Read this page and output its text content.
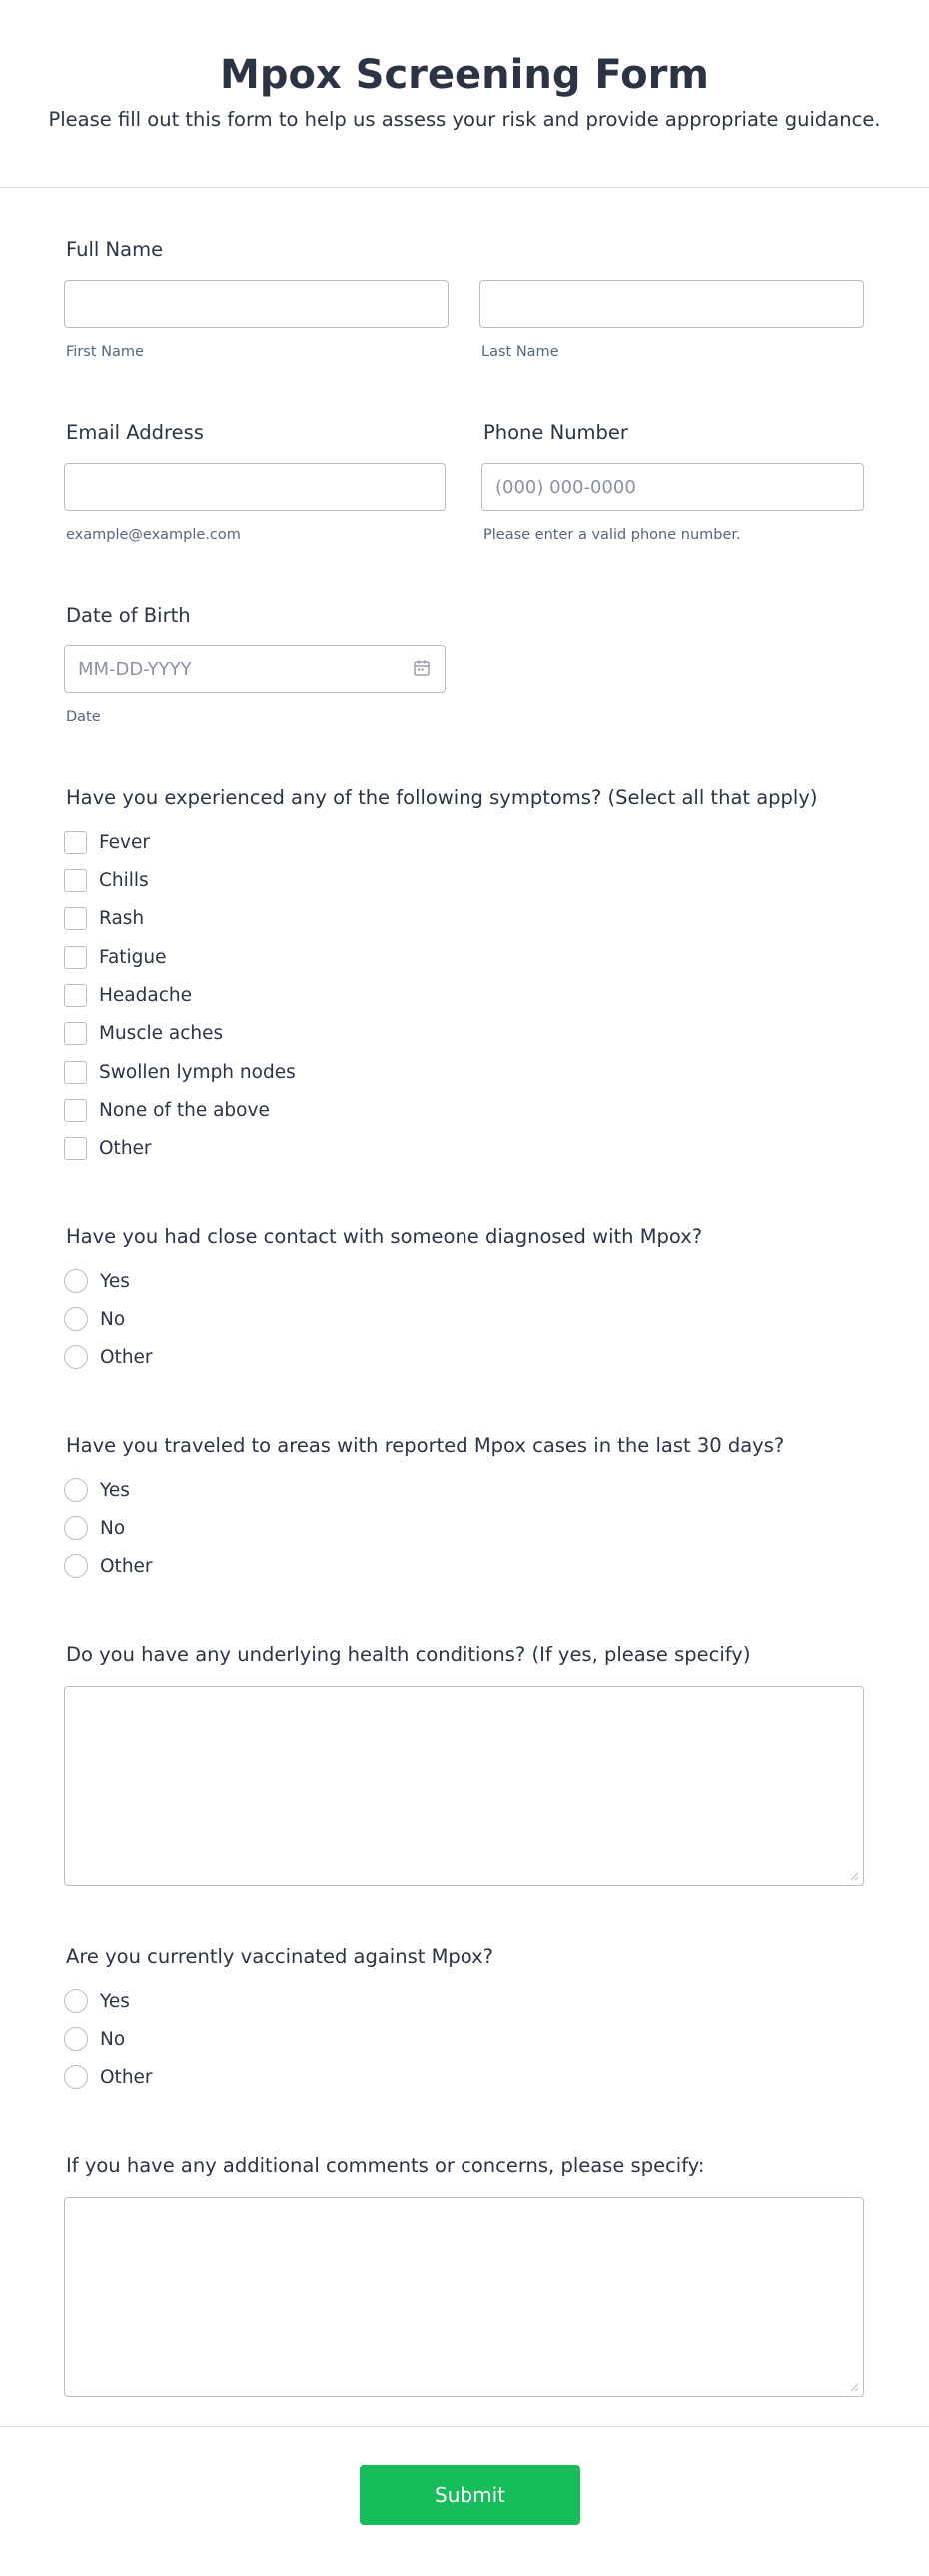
Mpox Screening Form
Please fill out this form to help us assess your risk and provide appropriate guidance.
Full Name
First Name	Last Name
Email Address
example@example.com
Phone Number
(000) 000-0000
Please enter a valid phone number.
Date of Birth
MM-DD-YYYY
Date
Have you experienced any of the following symptoms? (Select all that apply)
Fever
Chills
Rash
Fatigue
Headache
Muscle aches
Swollen lymph nodes
None of the above
Other
Have you had close contact with someone diagnosed with Mpox?
Yes
No
Other
Have you traveled to areas with reported Mpox cases in the last 30 days?
Yes
No
Other
Do you have any underlying health conditions? (If yes, please specify)
Are you currently vaccinated against Mpox?
Yes
No
Other
If you have any additional comments or concerns, please specify:
Submit
